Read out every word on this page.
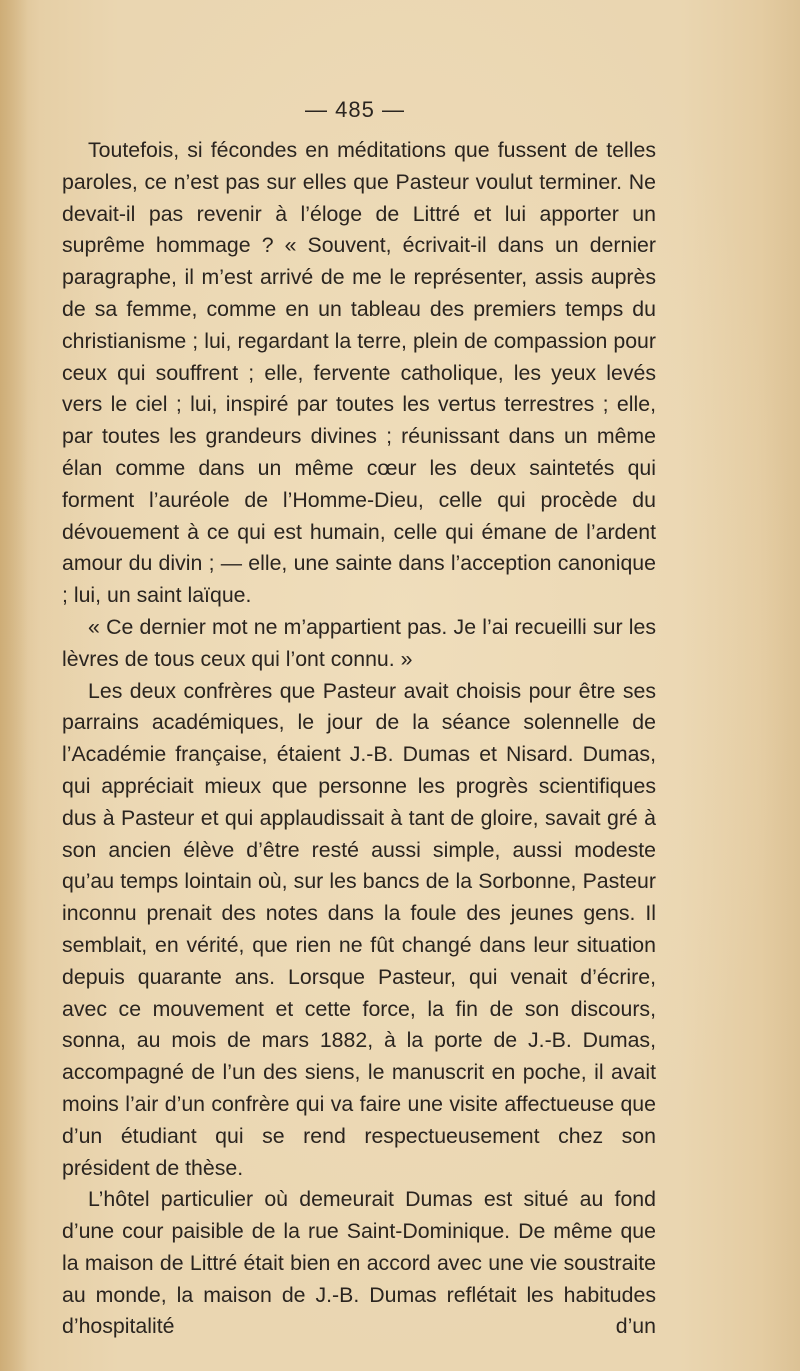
— 485 —

Toutefois, si fécondes en méditations que fussent de telles paroles, ce n’est pas sur elles que Pasteur voulut terminer. Ne devait-il pas revenir à l’éloge de Littré et lui apporter un suprême hommage ? « Souvent, écrivait-il dans un dernier paragraphe, il m’est arrivé de me le représenter, assis auprès de sa femme, comme en un tableau des premiers temps du christianisme ; lui, regardant la terre, plein de compassion pour ceux qui souffrent ; elle, fervente catholique, les yeux levés vers le ciel ; lui, inspiré par toutes les vertus terrestres ; elle, par toutes les grandeurs divines ; réunissant dans un même élan comme dans un même cœur les deux saintetés qui forment l’auréole de l’Homme-Dieu, celle qui procède du dévouement à ce qui est humain, celle qui émane de l’ardent amour du divin ; — elle, une sainte dans l’acception canonique ; lui, un saint laïque.

« Ce dernier mot ne m’appartient pas. Je l’ai recueilli sur les lèvres de tous ceux qui l’ont connu. »

Les deux confrères que Pasteur avait choisis pour être ses parrains académiques, le jour de la séance solennelle de l’Académie française, étaient J.-B. Dumas et Nisard. Dumas, qui appréciait mieux que personne les progrès scientifiques dus à Pasteur et qui applaudissait à tant de gloire, savait gré à son ancien élève d’être resté aussi simple, aussi modeste qu’au temps lointain où, sur les bancs de la Sorbonne, Pasteur inconnu prenait des notes dans la foule des jeunes gens. Il semblait, en vérité, que rien ne fût changé dans leur situation depuis quarante ans. Lorsque Pasteur, qui venait d’écrire, avec ce mouvement et cette force, la fin de son discours, sonna, au mois de mars 1882, à la porte de J.-B. Dumas, accompagné de l’un des siens, le manuscrit en poche, il avait moins l’air d’un confrère qui va faire une visite affectueuse que d’un étudiant qui se rend respectueusement chez son président de thèse.

L’hôtel particulier où demeurait Dumas est situé au fond d’une cour paisible de la rue Saint-Dominique. De même que la maison de Littré était bien en accord avec une vie soustraite au monde, la maison de J.-B. Dumas reflétait les habitudes d’hospitalité d’un
